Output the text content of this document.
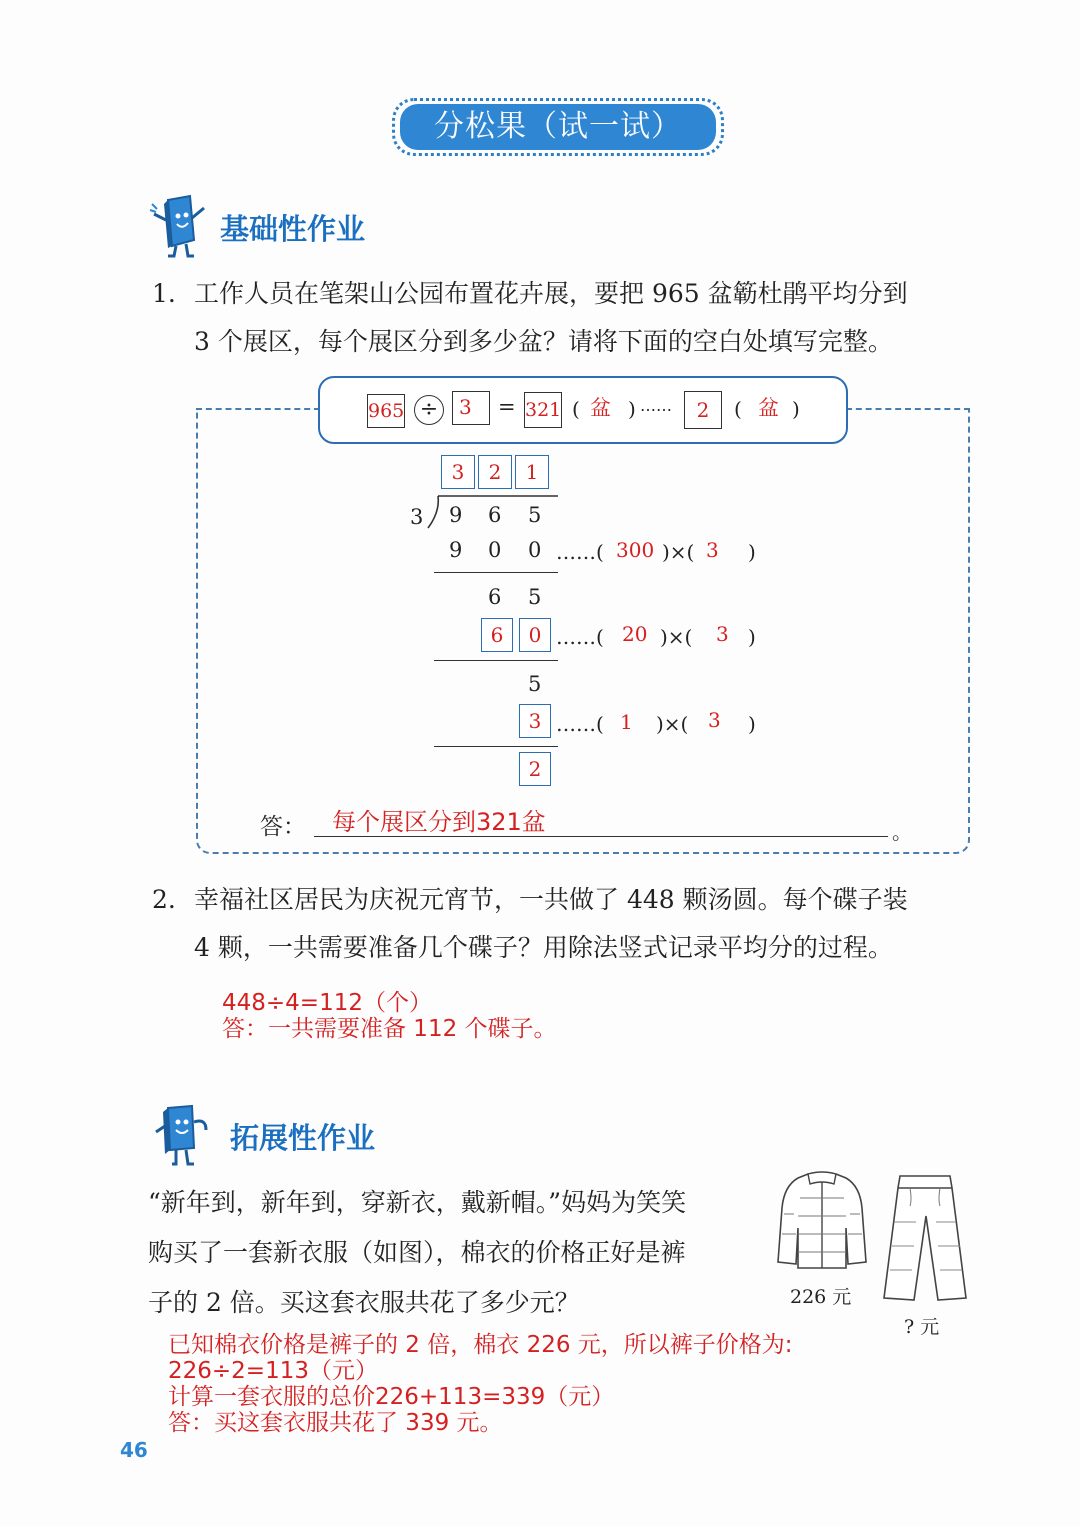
分松果（试一试）
基础性作业
1. 工作人员在笔架山公园布置花卉展，要把 965 盆簕杜鹃平均分到
3 个展区，每个展区分到多少盆？请将下面的空白处填写完整。
965 ÷	3	= 321 ( 盆 ) ……	2	( 盆 )
3	2	1
3 9 6 5
9 0 0 ……( 300 )×( 3 )
6 5
6	0 ……( 20 )×( 3 )
5
3 ……( 1 )×( 3 )
2
答： 每个展区分到321盆	。
2. 幸福社区居民为庆祝元宵节，一共做了 448 颗汤圆。每个碟子装
4 颗，一共需要准备几个碟子？用除法竖式记录平均分的过程。
448÷4=112（个）
答：一共需要准备 112 个碟子。
拓展性作业
“新年到，新年到，穿新衣，戴新帽。”妈妈为笑笑
购买了一套新衣服（如图），棉衣的价格正好是裤
子的 2 倍。买这套衣服共花了多少元？	226 元
? 元
已知棉衣价格是裤子的 2 倍，棉衣 226 元，所以裤子价格为:
226÷2=113（元）
计算一套衣服的总价226+113=339（元）
答：买这套衣服共花了 339 元。
46
